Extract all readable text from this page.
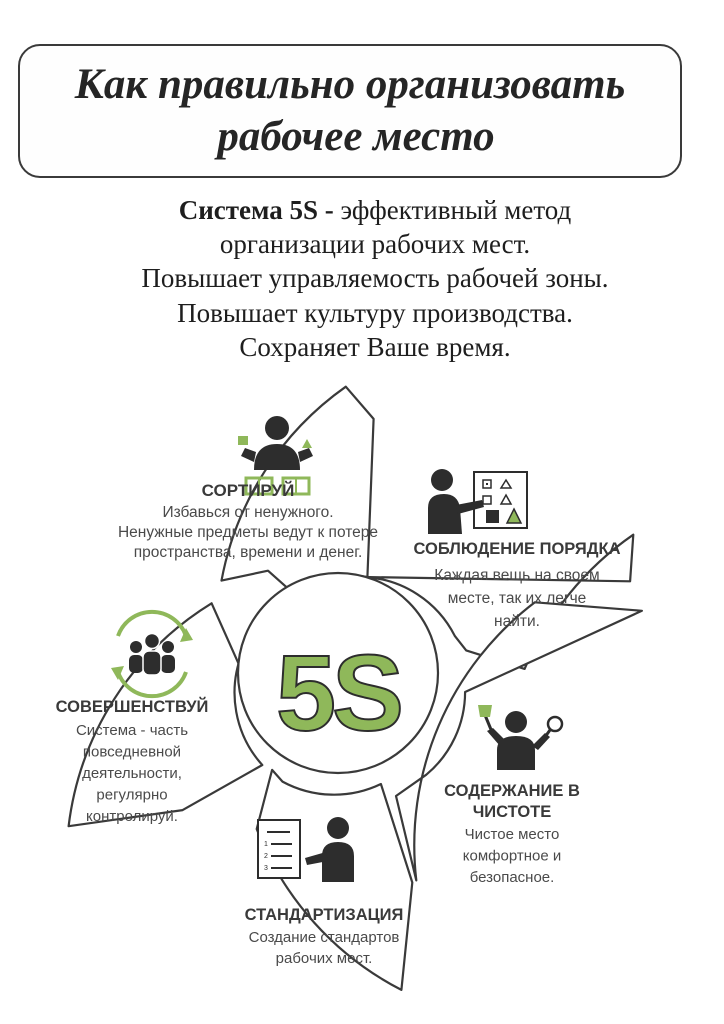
Как правильно организовать
рабочее место
Система 5S - эффективный метод
организации рабочих мест.
Повышает управляемость рабочей зоны.
Повышает культуру производства.
Сохраняет Ваше время.
1
2
3
5S
СОРТИРУЙ
Избавься от ненужного.
Ненужные предметы ведут к потере
пространства, времени и денег.	СОБЛЮДЕНИЕ ПОРЯДКА
Каждая вещь на своем
месте, так их легче
найти.
СОДЕРЖАНИЕ В
ЧИСТОТЕ
Чистое место
комфортное и
безопасное.
СТАНДАРТИЗАЦИЯ
Создание стандартов
рабочих мест.
СОВЕРШЕНСТВУЙ
Система - часть
повседневной
деятельности,
регулярно
контролируй.
